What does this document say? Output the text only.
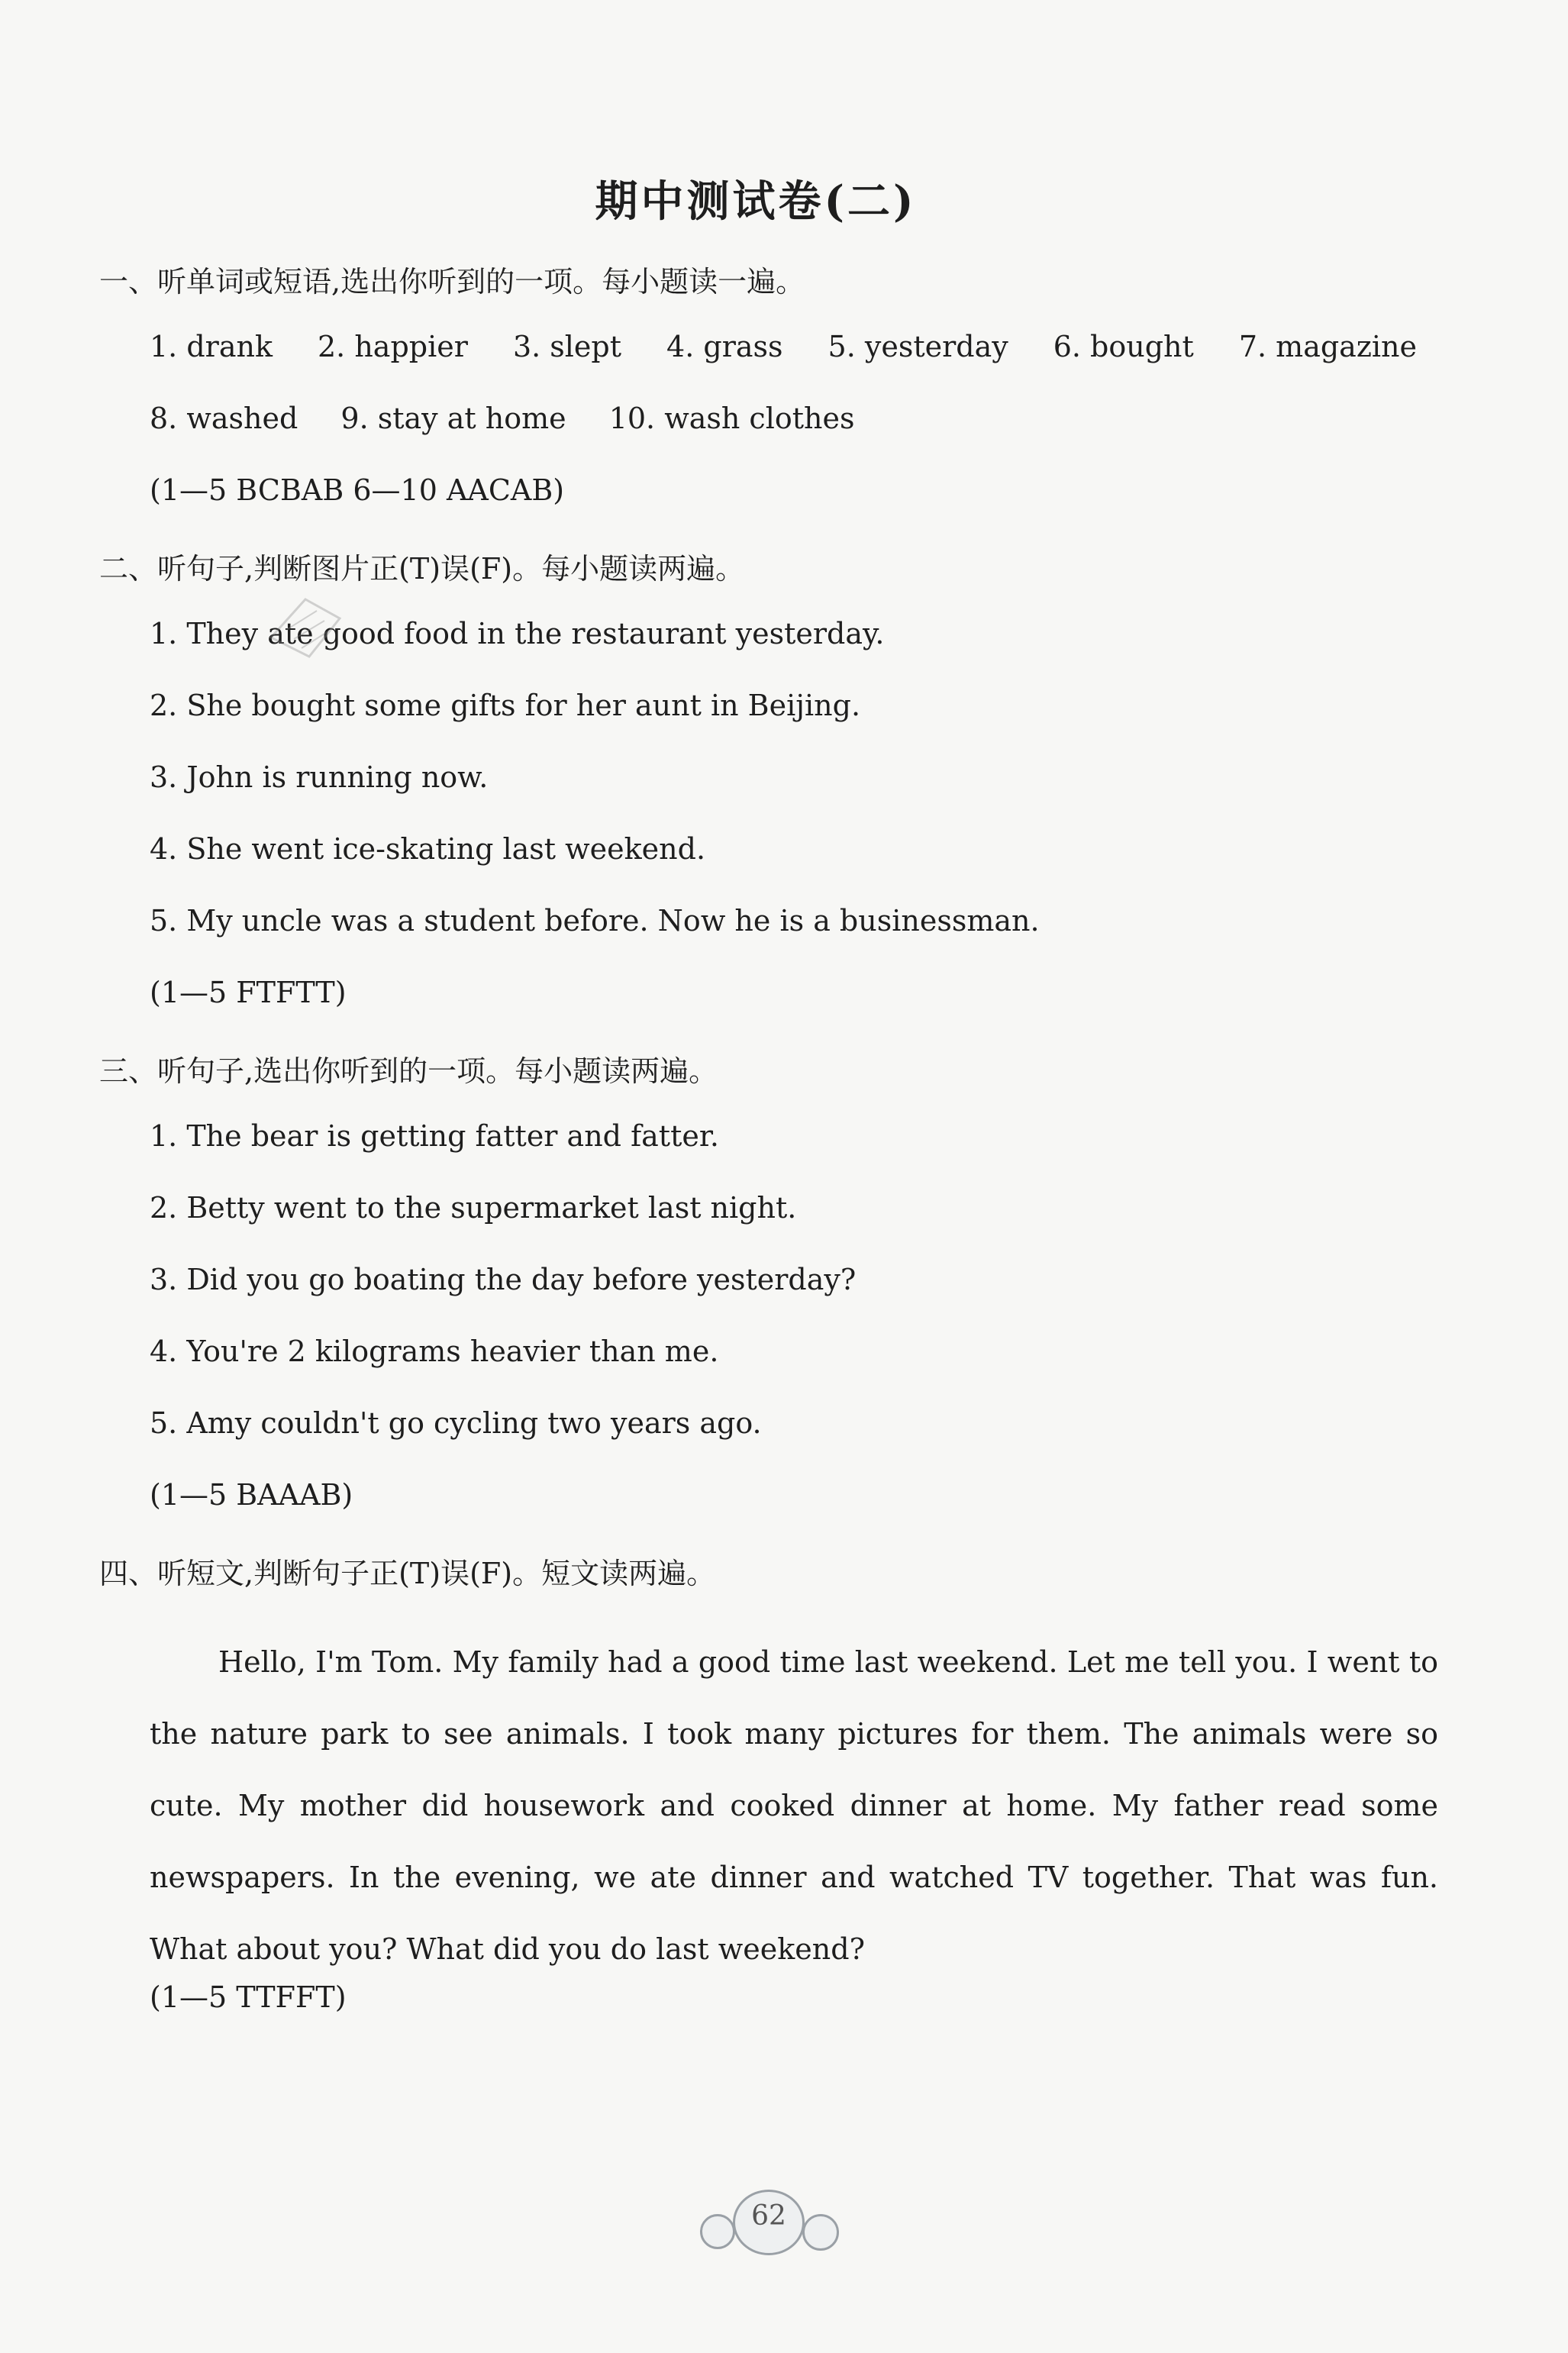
期中测试卷(二)
一、听单词或短语,选出你听到的一项。每小题读一遍。
1. drank 2. happier 3. slept 4. grass 5. yesterday 6. bought 7. magazine
8. washed 9. stay at home 10. wash clothes
(1—5 BCBAB 6—10 AACAB)
二、听句子,判断图片正(T)误(F)。每小题读两遍。
1. They ate good food in the restaurant yesterday.
2. She bought some gifts for her aunt in Beijing.
3. John is running now.
4. She went ice-skating last weekend.
5. My uncle was a student before. Now he is a businessman.
(1—5 FTFTT)
三、听句子,选出你听到的一项。每小题读两遍。
1. The bear is getting fatter and fatter.
2. Betty went to the supermarket last night.
3. Did you go boating the day before yesterday?
4. You're 2 kilograms heavier than me.
5. Amy couldn't go cycling two years ago.
(1—5 BAAAB)
四、听短文,判断句子正(T)误(F)。短文读两遍。
Hello, I'm Tom. My family had a good time last weekend. Let me tell you. I went to the nature park to see animals. I took many pictures for them. The animals were so cute. My mother did housework and cooked dinner at home. My father read some newspapers. In the evening, we ate dinner and watched TV together. That was fun. What about you? What did you do last weekend?
(1—5 TTFFT)
62
